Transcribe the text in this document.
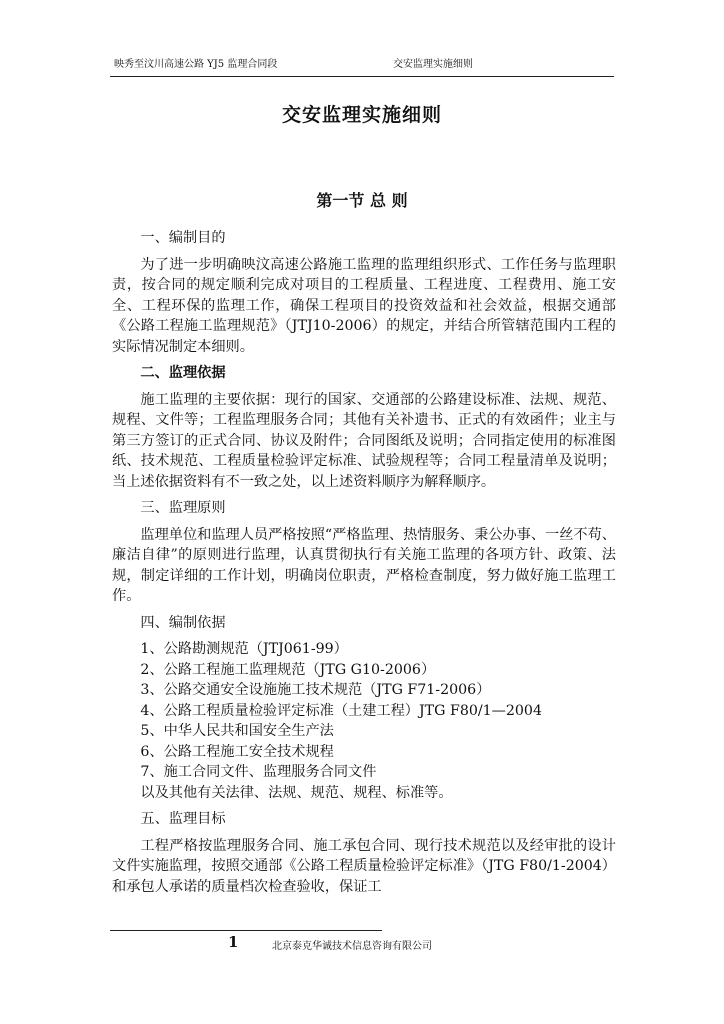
映秀至汶川高速公路 YJ5 监理合同段	交安监理实施细则
交安监理实施细则
第一节 总 则
一、编制目的
为了进一步明确映汶高速公路施工监理的监理组织形式、工作任务与监理职责，按合同的规定顺利完成对项目的工程质量、工程进度、工程费用、施工安全、工程环保的监理工作，确保工程项目的投资效益和社会效益，根据交通部《公路工程施工监理规范》（JTJ10-2006）的规定，并结合所管辖范围内工程的实际情况制定本细则。
二、监理依据
施工监理的主要依据：现行的国家、交通部的公路建设标准、法规、规范、规程、文件等；工程监理服务合同；其他有关补遗书、正式的有效函件；业主与第三方签订的正式合同、协议及附件；合同图纸及说明；合同指定使用的标准图纸、技术规范、工程质量检验评定标准、试验规程等；合同工程量清单及说明；当上述依据资料有不一致之处，以上述资料顺序为解释顺序。
三、监理原则
监理单位和监理人员严格按照“严格监理、热情服务、秉公办事、一丝不苟、廉洁自律”的原则进行监理，认真贯彻执行有关施工监理的各项方针、政策、法规，制定详细的工作计划，明确岗位职责，严格检查制度，努力做好施工监理工作。
四、编制依据
1、公路勘测规范（JTJ061-99）
2、公路工程施工监理规范（JTG G10-2006）
3、公路交通安全设施施工技术规范（JTG F71-2006）
4、公路工程质量检验评定标准（土建工程）JTG F80/1—2004
5、中华人民共和国安全生产法
6、公路工程施工安全技术规程
7、施工合同文件、监理服务合同文件
以及其他有关法律、法规、规范、规程、标准等。
五、监理目标
工程严格按监理服务合同、施工承包合同、现行技术规范以及经审批的设计文件实施监理，按照交通部《公路工程质量检验评定标准》（JTG F80/1-2004）和承包人承诺的质量档次检查验收，保证工
1	北京泰克华诚技术信息咨询有限公司
